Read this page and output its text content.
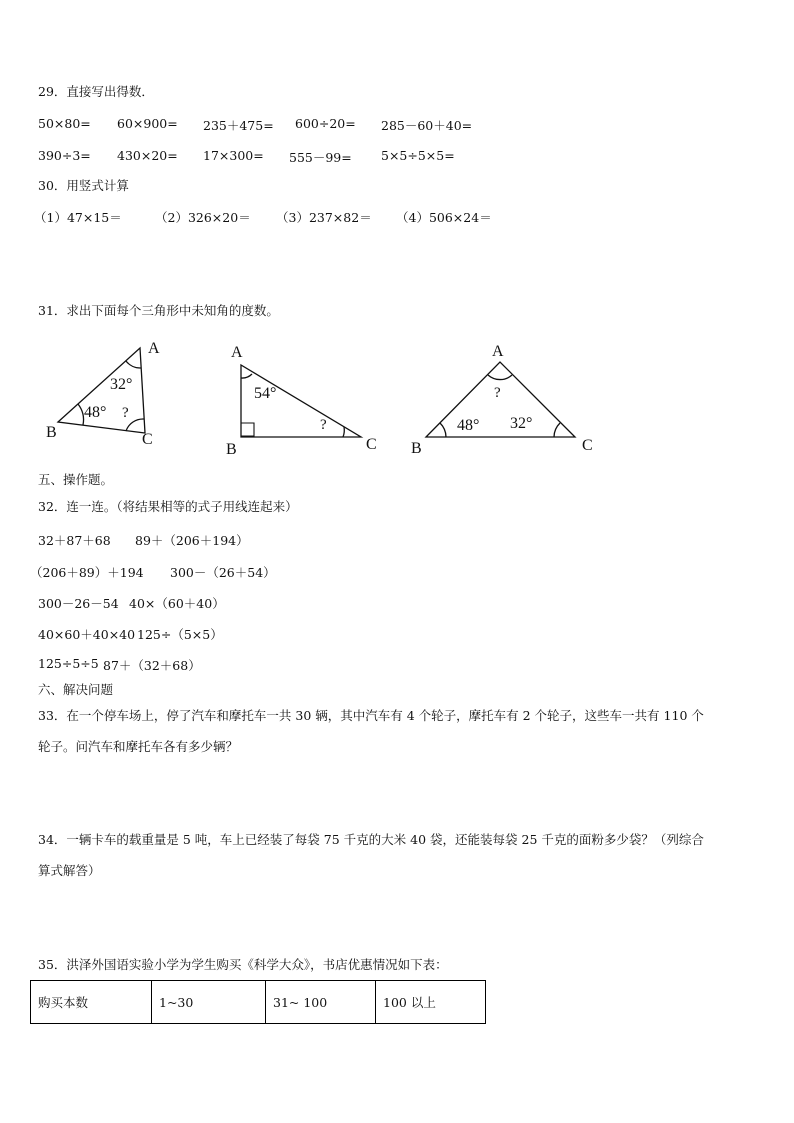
29．直接写出得数．
50×80= 60×900= 235＋475= 600÷20= 285－60＋40=
390÷3= 430×20= 17×300= 555－99= 5×5÷5×5=
30．用竖式计算
（1）47×15＝	（2）326×20＝ （3）237×82＝ （4）506×24＝
31．求出下面每个三角形中未知角的度数。
A
B	C
32°
48° ?
A
B	C
54°
?
A
B	C
?
48° 32°
五、操作题。
32．连一连。（将结果相等的式子用线连起来）
32＋87＋68 89＋（206＋194）
（206＋89）＋194 300－（26＋54）
300－26－54 40×（60＋40）
40×60＋40×40 125÷（5×5）
125÷5÷5 87＋（32＋68）
六、解决问题
33．在一个停车场上，停了汽车和摩托车一共 30 辆，其中汽车有 4 个轮子，摩托车有 2 个轮子，这些车一共有 110 个
轮子。问汽车和摩托车各有多少辆？
34．一辆卡车的载重量是 5 吨，车上已经装了每袋 75 千克的大米 40 袋，还能装每袋 25 千克的面粉多少袋？（列综合
算式解答）
35．洪泽外国语实验小学为学生购买《科学大众》，书店优惠情况如下表：
购买本数	1~30	31~ 100	100 以上
